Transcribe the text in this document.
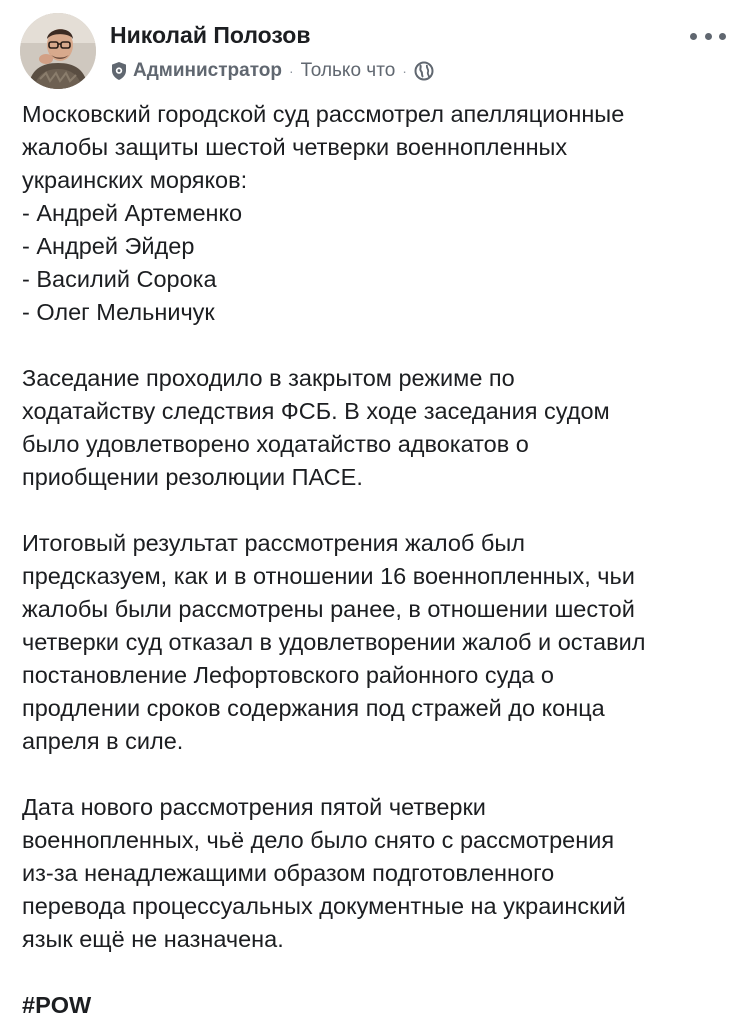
Николай Полозов
Администратор · Только что ·
Московский городской суд рассмотрел апелляционные
жалобы защиты шестой четверки военнопленных
украинских моряков:
- Андрей Артеменко
- Андрей Эйдер
- Василий Сорока
- Олег Мельничук
Заседание проходило в закрытом режиме по
ходатайству следствия ФСБ. В ходе заседания судом
было удовлетворено ходатайство адвокатов о
приобщении резолюции ПАСЕ.
Итоговый результат рассмотрения жалоб был
предсказуем, как и в отношении 16 военнопленных, чьи
жалобы были рассмотрены ранее, в отношении шестой
четверки суд отказал в удовлетворении жалоб и оставил
постановление Лефортовского районного суда о
продлении сроков содержания под стражей до конца
апреля в силе.
Дата нового рассмотрения пятой четверки
военнопленных, чьё дело было снято с рассмотрения
из-за ненадлежащими образом подготовленного
перевода процессуальных документные на украинский
язык ещё не назначена.
#POW
